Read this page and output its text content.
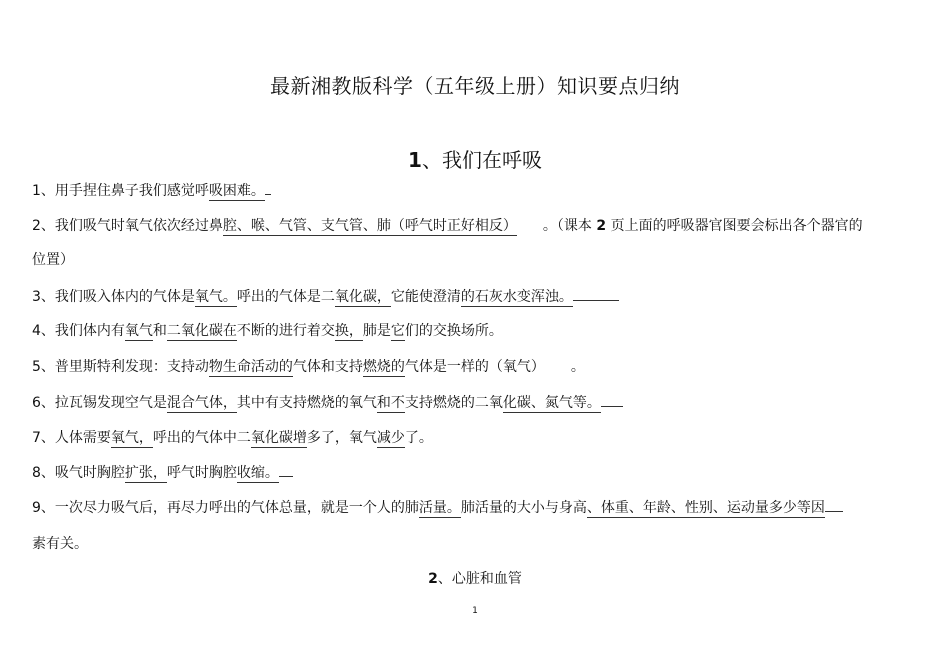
最新湘教版科学（五年级上册）知识要点归纳
1、我们在呼吸
1、用手捏住鼻子我们感觉呼吸困难。
2、我们吸气时氧气依次经过鼻腔、喉、气管、支气管、肺（呼气时正好相反） 。（课本 2 页上面的呼吸器官图要会标出各个器官的
位置）
3、我们吸入体内的气体是氧气。呼出的气体是二氧化碳，它能使澄清的石灰水变浑浊。
4、我们体内有氧气和二氧化碳在不断的进行着交换，肺是它们的交换场所。
5、普里斯特利发现：支持动物生命活动的气体和支持燃烧的气体是一样的（氧气） 。
6、拉瓦锡发现空气是混合气体，其中有支持燃烧的氧气和不支持燃烧的二氧化碳、氮气等。
7、人体需要氧气，呼出的气体中二氧化碳增多了，氧气减少了。
8、吸气时胸腔扩张，呼气时胸腔收缩。
9、一次尽力吸气后，再尽力呼出的气体总量，就是一个人的肺活量。肺活量的大小与身高、体重、年龄、性别、运动量多少等因
素有关。
2、心脏和血管
1
